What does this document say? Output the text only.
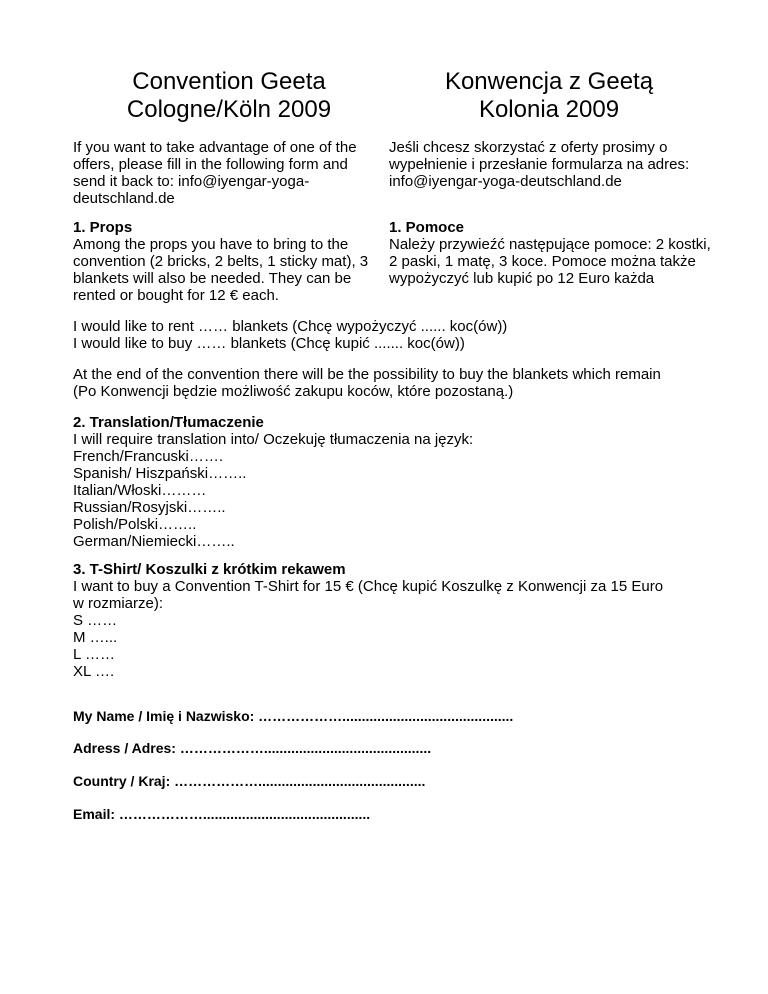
Convention Geeta
Cologne/Köln 2009
Konwencja z Geetą
Kolonia 2009
If you want to take advantage of one of the offers, please fill in the following form and send it back to: info@iyengar-yoga-deutschland.de
Jeśli chcesz skorzystać z oferty prosimy o wypełnienie i przesłanie formularza na adres: info@iyengar-yoga-deutschland.de
1. Props
Among the props you have to bring to the convention (2 bricks, 2 belts, 1 sticky mat), 3 blankets will also be needed. They can be rented or bought for 12 € each.
1. Pomoce
Należy przywieźć następujące pomoce: 2 kostki, 2 paski, 1 matę, 3 koce. Pomoce można także wypożyczyć lub kupić po 12 Euro każda
I would like to rent …… blankets (Chcę wypożyczyć ...... koc(ów))
I would like to buy …… blankets (Chcę kupić ....... koc(ów))
At the end of the convention there will be the possibility to buy the blankets which remain
(Po Konwencji będzie możliwość zakupu koców, które pozostaną.)
2. Translation/Tłumaczenie
I will require translation into/ Oczekuję tłumaczenia na język:
French/Francuski…….
Spanish/ Hiszpański……..
Italian/Włoski………
Russian/Rosyjski……..
Polish/Polski……..
German/Niemiecki……..
3. T-Shirt/ Koszulki z krótkim rekawem
I want to buy a Convention T-Shirt for 15 € (Chcę kupić Koszulkę z Konwencji za 15 Euro
w rozmiarze):
S ……
M …...
L ……
XL ….
My Name / Imię i Nazwisko: ………………............................................
Adress / Adres: ………………...........................................
Country / Kraj: ………………...........................................
Email: ………………...........................................
